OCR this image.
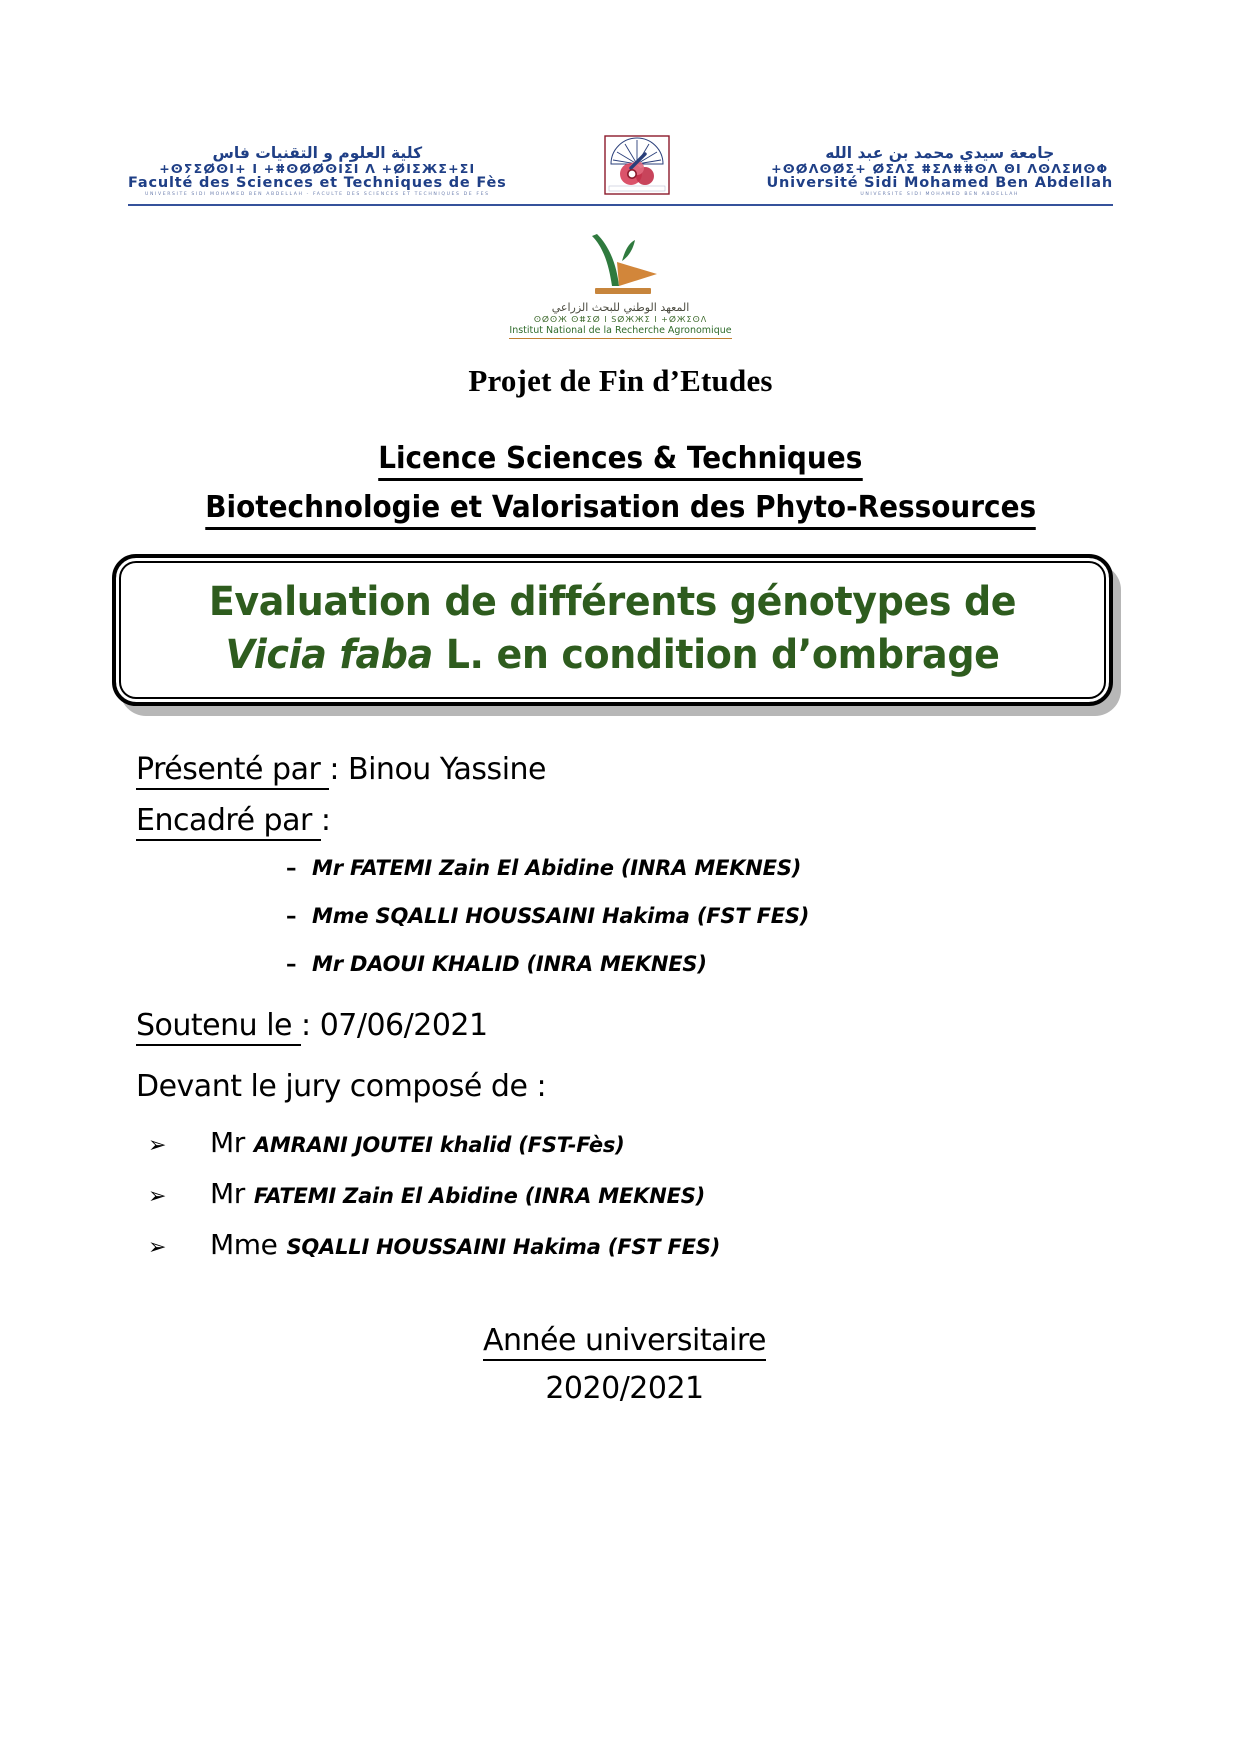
كلية العلوم و التقنيات فاس
+ⵙⵢΣⵁⵙI+ I +ⵌⵙⵁⵁⵙIΣI Λ +ⵁIΣЖΣ+ΣI
Faculté des Sciences et Techniques de Fès
UNIVERSITE SIDI MOHAMED BEN ABDELLAH - FACULTE DES SCIENCES ET TECHNIQUES DE FES
جامعة سيدي محمد بن عبد الله
+ⵙⵁΛⵙⵁΣ+ ⵁΣΛΣ ⵌΣΛⵌⵌⵙΛ ΘI ΛⵙΛΣИⵙΦ
Université Sidi Mohamed Ben Abdellah
UNIVERSITE SIDI MOHAMED BEN ABDELLAH
المعهد الوطني للبحث الزراعي
ⵙⵁⵙЖ ⵙⵌΣⵁ I ЅⵁЖЖⵉ I +ⵁЖⵉⵙΛ
Institut National de la Recherche Agronomique
Projet de Fin d’Etudes
Licence Sciences & Techniques
Biotechnologie et Valorisation des Phyto-Ressources
Evaluation de différents génotypes de
Vicia faba L. en condition d’ombrage
Présenté par : Binou Yassine
Encadré par :
– Mr FATEMI Zain El Abidine (INRA MEKNES)
– Mme SQALLI HOUSSAINI Hakima (FST FES)
– Mr DAOUI KHALID (INRA MEKNES)
Soutenu le : 07/06/2021
Devant le jury composé de :
➢	Mr AMRANI JOUTEI khalid (FST-Fès)
➢	Mr FATEMI Zain El Abidine (INRA MEKNES)
➢	Mme SQALLI HOUSSAINI Hakima (FST FES)
Année universitaire
2020/2021
